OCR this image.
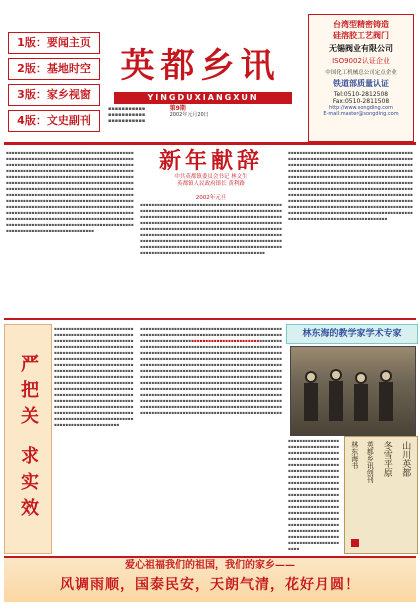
1版：要闻主页
2版：基地时空
3版：家乡视窗
4版：文史副刊
英都乡讯
YINGDUXIANGXUN
▪▪▪▪▪▪▪▪▪▪▪
▪▪▪▪▪▪▪▪▪▪▪
▪▪▪▪▪▪▪▪▪▪▪ 第9期
2002年元月20日
台湾型精密铸造
硅溶胶工艺阀门
无锡阀业有限公司
ISO9002认证企业
中国化工机械总公司定点企业
铁道部质量认证
Tel:0510-2812508
Fax:0510-2811508
http://www.songding.com
E-mail:master@songding.com
▪▪▪▪▪▪▪▪▪▪▪▪▪▪▪▪▪▪▪▪▪▪▪▪▪▪▪▪▪▪▪▪▪▪▪▪▪▪▪▪▪▪▪▪▪▪▪▪▪▪▪▪▪▪▪▪▪▪▪▪▪▪▪▪▪▪▪▪▪▪▪▪▪▪▪▪▪▪▪▪▪▪▪▪▪▪▪▪▪▪▪▪▪▪▪▪▪▪▪▪▪▪▪▪▪▪▪▪▪▪▪▪▪▪▪▪▪▪▪▪▪▪▪▪▪▪▪▪▪▪▪▪▪▪▪▪▪▪▪▪▪▪▪▪▪▪▪▪▪▪▪▪▪▪▪▪▪▪▪▪▪▪▪▪▪▪▪▪▪▪▪▪▪▪▪▪▪▪▪▪▪▪▪▪▪▪▪▪▪▪▪▪▪▪▪▪▪▪▪▪▪▪▪▪▪▪▪▪▪▪▪▪▪▪▪▪▪▪▪▪▪▪▪▪▪▪▪▪▪▪▪▪▪▪▪▪▪▪▪▪▪▪▪▪▪▪▪▪▪▪▪▪▪▪▪▪▪▪▪▪▪▪▪▪▪▪▪▪▪▪▪▪▪▪▪▪▪▪▪▪▪▪▪▪▪▪▪▪▪▪▪▪▪▪▪▪▪▪▪▪▪▪▪▪▪▪▪▪▪▪▪▪▪▪▪▪▪▪▪▪▪▪▪▪▪▪▪▪▪▪▪▪▪▪▪▪▪▪▪▪▪▪▪▪▪▪▪▪▪▪▪▪▪▪▪▪▪▪▪▪▪▪▪▪▪▪▪▪▪▪▪▪▪▪▪▪▪▪▪▪▪▪▪▪▪▪▪▪▪▪▪▪▪▪▪▪▪▪▪▪▪▪▪▪▪▪▪▪▪▪▪▪▪▪▪▪▪▪▪▪▪▪▪▪▪▪▪▪▪▪▪▪▪▪▪▪▪▪▪▪▪▪▪▪▪▪▪▪▪▪▪▪▪▪▪▪▪▪▪▪▪▪▪▪▪▪▪▪▪▪▪▪▪▪▪▪▪▪▪▪▪▪▪▪▪▪▪▪▪▪▪▪▪▪▪▪▪▪▪▪▪▪▪▪▪▪▪▪▪▪▪▪▪▪▪▪▪▪▪▪▪▪▪▪▪▪▪▪▪▪▪▪▪▪▪▪▪▪▪▪▪▪▪▪▪▪▪▪▪▪▪▪▪▪▪▪▪▪▪▪▪▪▪▪▪▪▪▪▪▪▪▪▪▪▪▪▪▪▪▪▪▪▪▪▪▪▪▪▪▪▪▪▪▪▪▪▪▪▪▪▪▪▪▪▪▪▪▪▪▪▪▪▪▪▪▪
新年献辞
中共英都镇委员会书记 林文生
英都镇人民政府镇长 黄利路
2002年元旦
▪▪▪▪▪▪▪▪▪▪▪▪▪▪▪▪▪▪▪▪▪▪▪▪▪▪▪▪▪▪▪▪▪▪▪▪▪▪▪▪▪▪▪▪▪▪▪▪▪▪▪▪▪▪▪▪▪▪▪▪▪▪▪▪▪▪▪▪▪▪▪▪▪▪▪▪▪▪▪▪▪▪▪▪▪▪▪▪▪▪▪▪▪▪▪▪▪▪▪▪▪▪▪▪▪▪▪▪▪▪▪▪▪▪▪▪▪▪▪▪▪▪▪▪▪▪▪▪▪▪▪▪▪▪▪▪▪▪▪▪▪▪▪▪▪▪▪▪▪▪▪▪▪▪▪▪▪▪▪▪▪▪▪▪▪▪▪▪▪▪▪▪▪▪▪▪▪▪▪▪▪▪▪▪▪▪▪▪▪▪▪▪▪▪▪▪▪▪▪▪▪▪▪▪▪▪▪▪▪▪▪▪▪▪▪▪▪▪▪▪▪▪▪▪▪▪▪▪▪▪▪▪▪▪▪▪▪▪▪▪▪▪▪▪▪▪▪▪▪▪▪▪▪▪▪▪▪▪▪▪▪▪▪▪▪▪▪▪▪▪▪▪▪▪▪▪▪▪▪▪▪▪▪▪▪▪▪▪▪▪▪▪▪▪▪▪▪▪▪▪▪▪▪▪▪▪▪▪▪▪▪▪▪▪▪▪▪▪▪▪▪▪▪▪▪▪▪▪▪▪▪▪▪▪▪▪▪▪▪▪▪▪▪▪▪▪▪▪▪▪▪▪▪▪▪▪▪▪▪▪▪▪▪▪▪▪▪▪▪▪▪▪▪▪▪▪▪▪▪▪▪▪▪▪▪▪▪▪▪▪▪▪▪▪▪▪▪▪▪▪▪▪▪▪▪▪▪▪▪▪▪▪▪▪▪▪▪▪▪▪▪▪▪▪▪▪▪▪▪▪▪▪▪▪▪▪▪▪▪▪▪▪▪▪
▪▪▪▪▪▪▪▪▪▪▪▪▪▪▪▪▪▪▪▪▪▪▪▪▪▪▪▪▪▪▪▪▪▪▪▪▪▪▪▪▪▪▪▪▪▪▪▪▪▪▪▪▪▪▪▪▪▪▪▪▪▪▪▪▪▪▪▪▪▪▪▪▪▪▪▪▪▪▪▪▪▪▪▪▪▪▪▪▪▪▪▪▪▪▪▪▪▪▪▪▪▪▪▪▪▪▪▪▪▪▪▪▪▪▪▪▪▪▪▪▪▪▪▪▪▪▪▪▪▪▪▪▪▪▪▪▪▪▪▪▪▪▪▪▪▪▪▪▪▪▪▪▪▪▪▪▪▪▪▪▪▪▪▪▪▪▪▪▪▪▪▪▪▪▪▪▪▪▪▪▪▪▪▪▪▪▪▪▪▪▪▪▪▪▪▪▪▪▪▪▪▪▪▪▪▪▪▪▪▪▪▪▪▪▪▪▪▪▪▪▪▪▪▪▪▪▪▪▪▪▪▪▪▪▪▪▪▪▪▪▪▪▪▪▪▪▪▪▪▪▪▪▪▪▪▪▪▪▪▪▪▪▪▪▪▪▪▪▪▪▪▪▪▪▪▪▪▪▪▪▪▪▪▪▪▪▪▪▪▪▪▪▪▪▪▪▪▪▪▪▪▪▪▪▪▪▪▪▪▪▪▪▪▪▪▪▪▪▪▪▪▪▪▪▪▪▪▪▪▪▪▪▪▪▪▪▪▪▪▪▪▪▪▪▪▪▪▪▪▪▪▪▪▪▪▪▪▪▪▪▪▪▪▪▪▪▪▪▪▪▪▪▪▪▪▪▪▪▪▪▪▪▪▪▪▪▪▪▪▪▪▪▪▪▪▪▪▪▪▪▪▪▪▪▪▪▪▪▪▪▪▪▪▪▪▪▪▪▪▪▪▪▪▪▪▪▪▪▪▪▪▪▪▪▪▪▪▪▪▪▪▪▪▪▪▪▪▪▪▪▪▪▪▪▪▪▪▪▪▪▪▪▪▪▪▪▪▪▪▪▪▪▪▪▪▪▪▪▪▪▪▪▪▪▪▪▪▪▪▪▪▪▪▪▪▪▪▪▪▪▪▪▪▪▪▪▪▪▪▪▪▪▪▪▪▪▪▪▪
严把关 求实效
▪▪▪▪▪▪▪▪▪▪▪▪▪▪▪▪▪▪▪▪▪▪▪▪▪▪▪▪▪▪▪▪▪▪▪▪▪▪▪▪▪▪▪▪▪▪▪▪▪▪▪▪▪▪▪▪▪▪▪▪▪▪▪▪▪▪▪▪▪▪▪▪▪▪▪▪▪▪▪▪▪▪▪▪▪▪▪▪▪▪▪▪▪▪▪▪▪▪▪▪▪▪▪▪▪▪▪▪▪▪▪▪▪▪▪▪▪▪▪▪▪▪▪▪▪▪▪▪▪▪▪▪▪▪▪▪▪▪▪▪▪▪▪▪▪▪▪▪▪▪▪▪▪▪▪▪▪▪▪▪▪▪▪▪▪▪▪▪▪▪▪▪▪▪▪▪▪▪▪▪▪▪▪▪▪▪▪▪▪▪▪▪▪▪▪▪▪▪▪▪▪▪▪▪▪▪▪▪▪▪▪▪▪▪▪▪▪▪▪▪▪▪▪▪▪▪▪▪▪▪▪▪▪▪▪▪▪▪▪▪▪▪▪▪▪▪▪▪▪▪▪▪▪▪▪▪▪▪▪▪▪▪▪▪▪▪▪▪▪▪▪▪▪▪▪▪▪▪▪▪▪▪▪▪▪▪▪▪▪▪▪▪▪▪▪▪▪▪▪▪▪▪▪▪▪▪▪▪▪▪▪▪▪▪▪▪▪▪▪▪▪▪▪▪▪▪▪▪▪▪▪▪▪▪▪▪▪▪▪▪▪▪▪▪▪▪▪▪▪▪▪▪▪▪▪▪▪▪▪▪▪▪▪▪▪▪▪▪▪▪▪▪▪▪▪▪▪▪▪▪▪▪▪▪▪▪▪▪▪▪▪▪▪▪▪▪▪▪▪▪▪▪▪▪▪▪▪▪▪▪▪▪▪▪▪▪▪▪▪▪▪▪▪▪▪▪▪▪▪▪▪▪▪▪▪▪▪▪▪▪▪▪▪▪▪▪▪▪▪▪▪▪▪▪▪▪▪▪▪▪▪▪▪▪▪▪▪▪▪▪▪
▪▪▪▪▪▪▪▪▪▪▪▪▪▪▪▪▪▪▪▪▪▪▪▪▪▪▪▪▪▪▪▪▪▪▪▪▪▪▪▪▪▪▪▪▪▪▪▪▪▪▪▪▪▪▪▪▪▪▪▪▪▪▪▪▪▪▪▪▪▪▪▪▪▪▪▪▪▪▪▪▪▪▪▪▪▪▪▪▪▪▪▪▪▪▪▪▪▪▪▪▪▪▪▪▪▪▪▪▪▪▪▪▪▪▪▪▪▪▪▪▪▪▪▪▪▪▪▪▪▪▪▪▪▪▪▪▪▪▪▪▪▪▪▪▪▪▪▪▪▪▪▪▪▪▪▪▪▪▪▪▪▪▪▪▪▪▪▪▪▪▪▪▪▪▪▪▪▪▪▪▪▪▪▪▪▪▪▪▪▪▪▪▪▪▪▪▪▪▪▪▪▪▪▪▪▪▪▪▪▪▪▪▪▪▪▪▪▪▪▪▪▪▪▪▪▪▪▪▪▪▪▪▪▪▪▪▪▪▪▪▪▪▪▪▪▪▪▪▪▪▪▪▪▪▪▪▪▪▪▪▪▪▪▪▪▪▪▪▪▪▪▪▪▪▪▪▪▪▪▪▪▪▪▪▪▪▪▪▪▪▪▪▪▪▪▪▪▪▪▪▪▪▪▪▪▪▪▪▪▪▪▪▪▪▪▪▪▪▪▪▪▪▪▪▪▪▪▪▪▪▪▪▪▪▪▪▪▪▪▪▪▪▪▪▪▪▪▪▪▪▪▪▪▪▪▪▪▪▪▪▪▪▪▪▪▪▪▪▪▪▪▪▪▪▪▪▪▪▪▪▪▪▪▪▪▪▪▪▪▪▪▪▪▪▪▪▪▪▪▪▪▪▪▪▪▪▪▪▪▪▪▪▪▪▪▪▪▪▪▪▪▪▪▪▪▪▪▪▪▪▪▪▪▪▪▪▪▪▪▪▪▪▪▪▪▪▪▪▪▪▪▪▪▪▪▪▪▪▪▪▪▪▪▪▪▪▪▪▪▪▪▪▪▪▪▪▪▪▪▪▪▪▪▪▪▪▪▪▪▪▪▪▪▪▪▪▪▪▪▪▪▪▪▪▪▪▪▪▪▪▪▪▪▪▪▪▪▪▪▪▪▪▪▪▪▪▪▪▪▪▪▪▪▪▪▪▪▪▪▪▪▪▪▪▪▪▪▪▪▪▪▪▪▪▪▪▪▪▪▪▪▪▪▪▪▪▪▪▪▪▪▪▪▪▪▪▪▪▪▪▪▪▪▪▪▪▪▪▪▪▪▪▪▪▪▪▪▪▪▪▪▪▪▪▪▪▪▪▪▪▪▪▪▪▪▪▪▪▪▪▪▪▪▪▪▪▪▪▪▪▪▪▪▪▪▪▪▪▪▪▪▪▪▪▪▪▪▪▪▪▪▪▪▪▪▪▪▪▪▪▪▪▪▪▪▪▪▪▪▪▪▪▪▪▪▪▪▪▪▪▪▪▪▪▪▪▪▪▪▪▪▪▪▪▪▪▪▪▪▪▪▪▪▪▪▪▪▪▪▪▪▪▪▪▪▪▪▪▪▪▪▪▪▪▪▪▪▪▪▪▪▪▪▪▪▪▪▪▪▪▪▪▪▪▪▪▪▪▪▪
林东海的教学家学术专家
▪▪▪▪▪▪▪▪▪▪▪▪▪▪▪▪▪▪▪▪▪▪▪▪▪▪▪▪▪▪▪▪▪▪▪▪▪▪▪▪▪▪▪▪▪▪▪▪▪▪▪▪▪▪▪▪▪▪▪▪▪▪▪▪▪▪▪▪▪▪▪▪▪▪▪▪▪▪▪▪▪▪▪▪▪▪▪▪▪▪▪▪▪▪▪▪▪▪▪▪▪▪▪▪▪▪▪▪▪▪▪▪▪▪▪▪▪▪▪▪▪▪▪▪▪▪▪▪▪▪▪▪▪▪▪▪▪▪▪▪▪▪▪▪▪▪▪▪▪▪▪▪▪▪▪▪▪▪▪▪▪▪▪▪▪▪▪▪▪▪▪▪▪▪▪▪▪▪▪▪▪▪▪▪▪▪▪▪▪▪▪▪▪▪▪▪▪▪▪▪▪▪▪▪▪▪▪▪▪▪▪▪▪▪▪▪▪▪▪▪▪▪▪▪▪▪▪▪▪▪▪▪▪▪▪▪▪▪▪▪▪▪▪▪▪▪▪▪▪▪▪▪▪▪▪▪▪▪▪▪▪▪▪▪▪▪▪▪▪▪▪▪▪▪▪▪▪▪▪▪▪▪▪▪▪▪▪▪▪▪▪▪▪▪▪▪▪▪▪▪▪▪▪▪▪▪▪▪▪▪▪▪▪▪▪▪▪▪▪▪▪▪▪▪▪▪▪▪
山川英都
冬雪平原
英都乡讯创刊
林东海书
爱心祖福我们的祖国，我们的家乡——
风调雨顺，国泰民安，天朗气清，花好月圆！
